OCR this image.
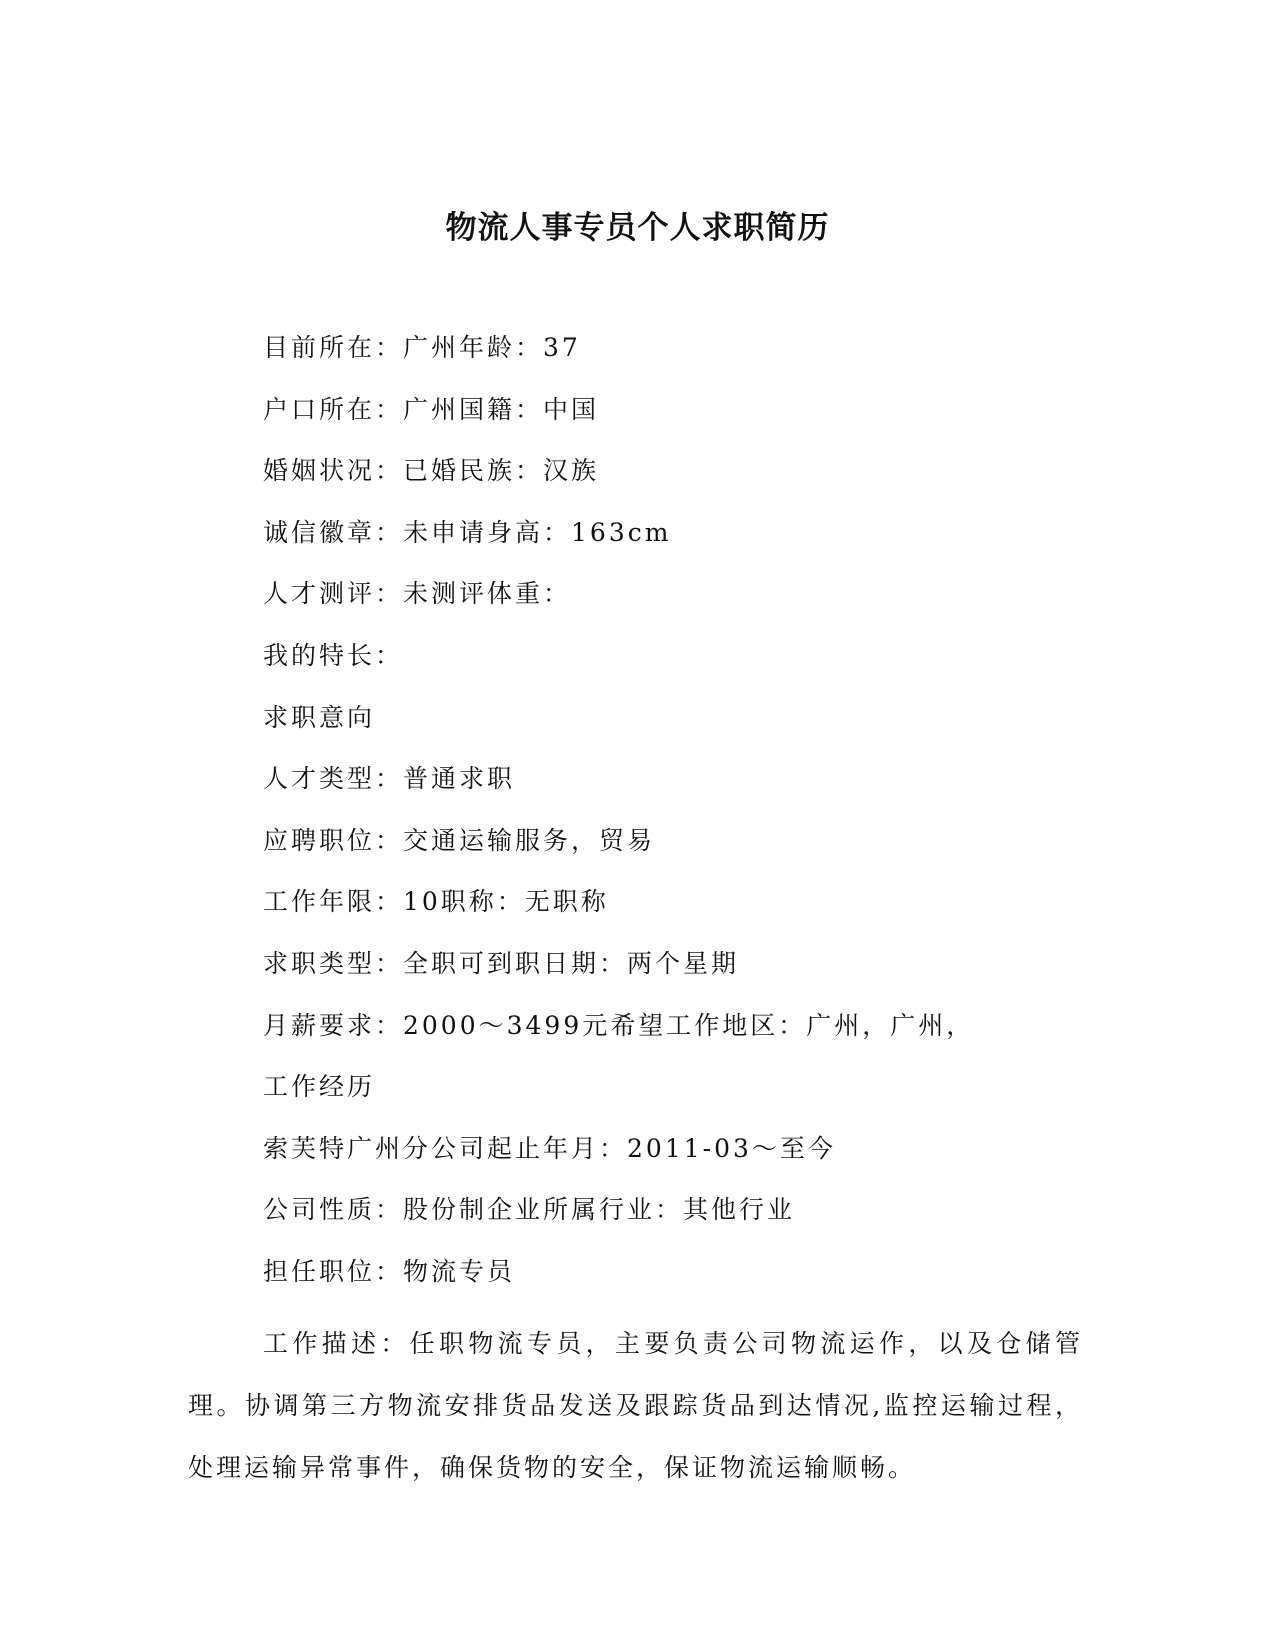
物流人事专员个人求职简历

目前所在：广州年龄：37

户口所在：广州国籍：中国

婚姻状况：已婚民族：汉族

诚信徽章：未申请身高：163cm

人才测评：未测评体重：

我的特长：

求职意向

人才类型：普通求职

应聘职位：交通运输服务，贸易

工作年限：10职称：无职称

求职类型：全职可到职日期：两个星期

月薪要求：2000～3499元希望工作地区：广州，广州，

工作经历

索芙特广州分公司起止年月：2011-03～至今

公司性质：股份制企业所属行业：其他行业

担任职位：物流专员

工作描述：任职物流专员，主要负责公司物流运作，以及仓储管理。协调第三方物流安排货品发送及跟踪货品到达情况,监控运输过程，处理运输异常事件，确保货物的安全，保证物流运输顺畅。
